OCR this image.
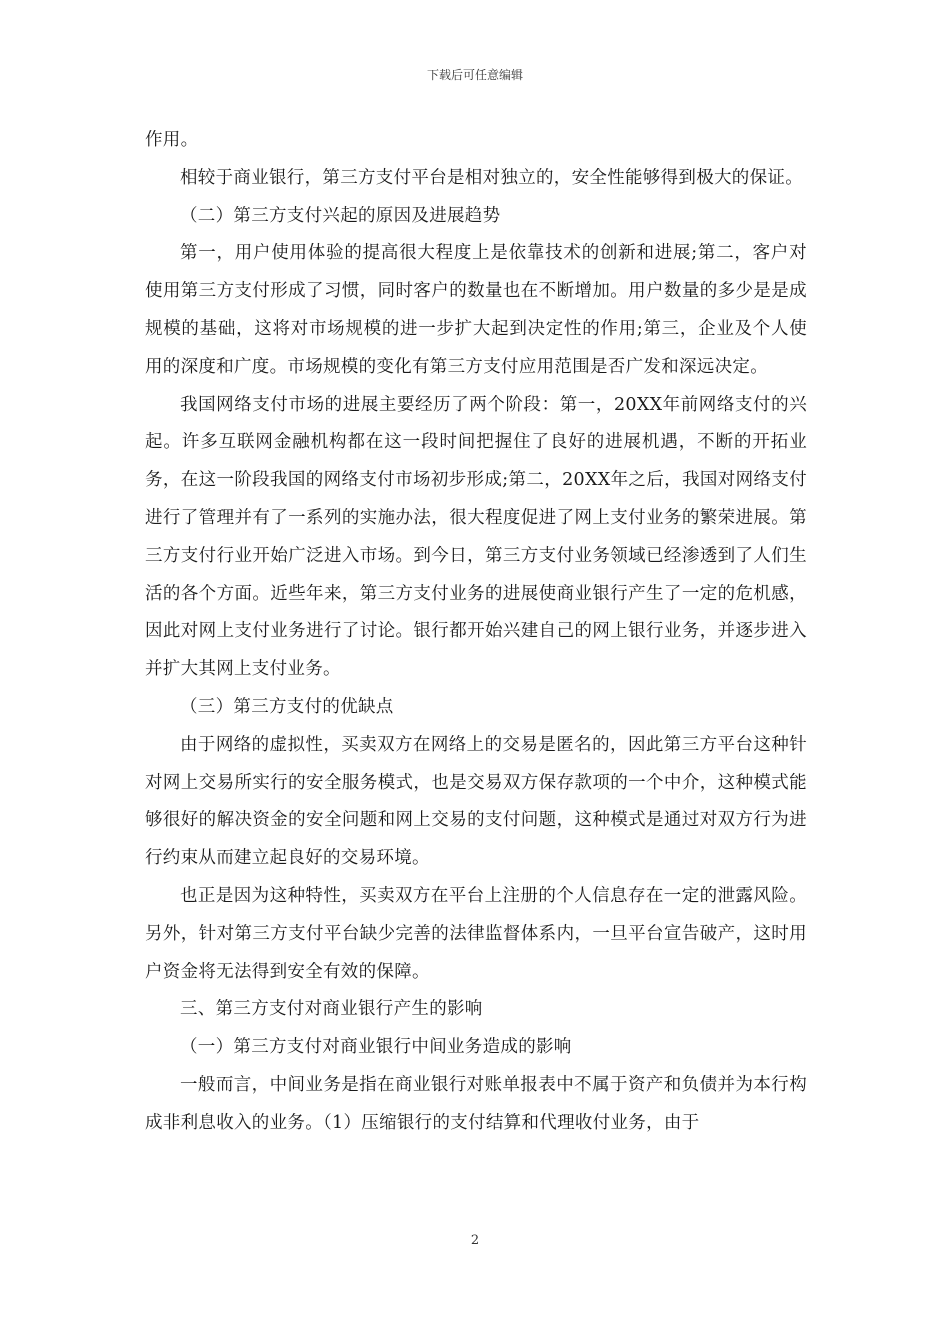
下载后可任意编辑

作用。

相较于商业银行，第三方支付平台是相对独立的，安全性能够得到极大的保证。

（二）第三方支付兴起的原因及进展趋势

第一，用户使用体验的提高很大程度上是依靠技术的创新和进展;第二，客户对使用第三方支付形成了习惯，同时客户的数量也在不断增加。用户数量的多少是是成规模的基础，这将对市场规模的进一步扩大起到决定性的作用;第三，企业及个人使用的深度和广度。市场规模的变化有第三方支付应用范围是否广发和深远决定。

我国网络支付市场的进展主要经历了两个阶段：第一，20XX年前网络支付的兴起。许多互联网金融机构都在这一段时间把握住了良好的进展机遇，不断的开拓业务，在这一阶段我国的网络支付市场初步形成;第二，20XX年之后，我国对网络支付进行了管理并有了一系列的实施办法，很大程度促进了网上支付业务的繁荣进展。第三方支付行业开始广泛进入市场。到今日，第三方支付业务领域已经渗透到了人们生活的各个方面。近些年来，第三方支付业务的进展使商业银行产生了一定的危机感，因此对网上支付业务进行了讨论。银行都开始兴建自己的网上银行业务，并逐步进入并扩大其网上支付业务。

（三）第三方支付的优缺点

由于网络的虚拟性，买卖双方在网络上的交易是匿名的，因此第三方平台这种针对网上交易所实行的安全服务模式，也是交易双方保存款项的一个中介，这种模式能够很好的解决资金的安全问题和网上交易的支付问题，这种模式是通过对双方行为进行约束从而建立起良好的交易环境。

也正是因为这种特性，买卖双方在平台上注册的个人信息存在一定的泄露风险。另外，针对第三方支付平台缺少完善的法律监督体系内，一旦平台宣告破产，这时用户资金将无法得到安全有效的保障。

三、第三方支付对商业银行产生的影响

（一）第三方支付对商业银行中间业务造成的影响

一般而言，中间业务是指在商业银行对账单报表中不属于资产和负债并为本行构成非利息收入的业务。（1）压缩银行的支付结算和代理收付业务，由于

2
